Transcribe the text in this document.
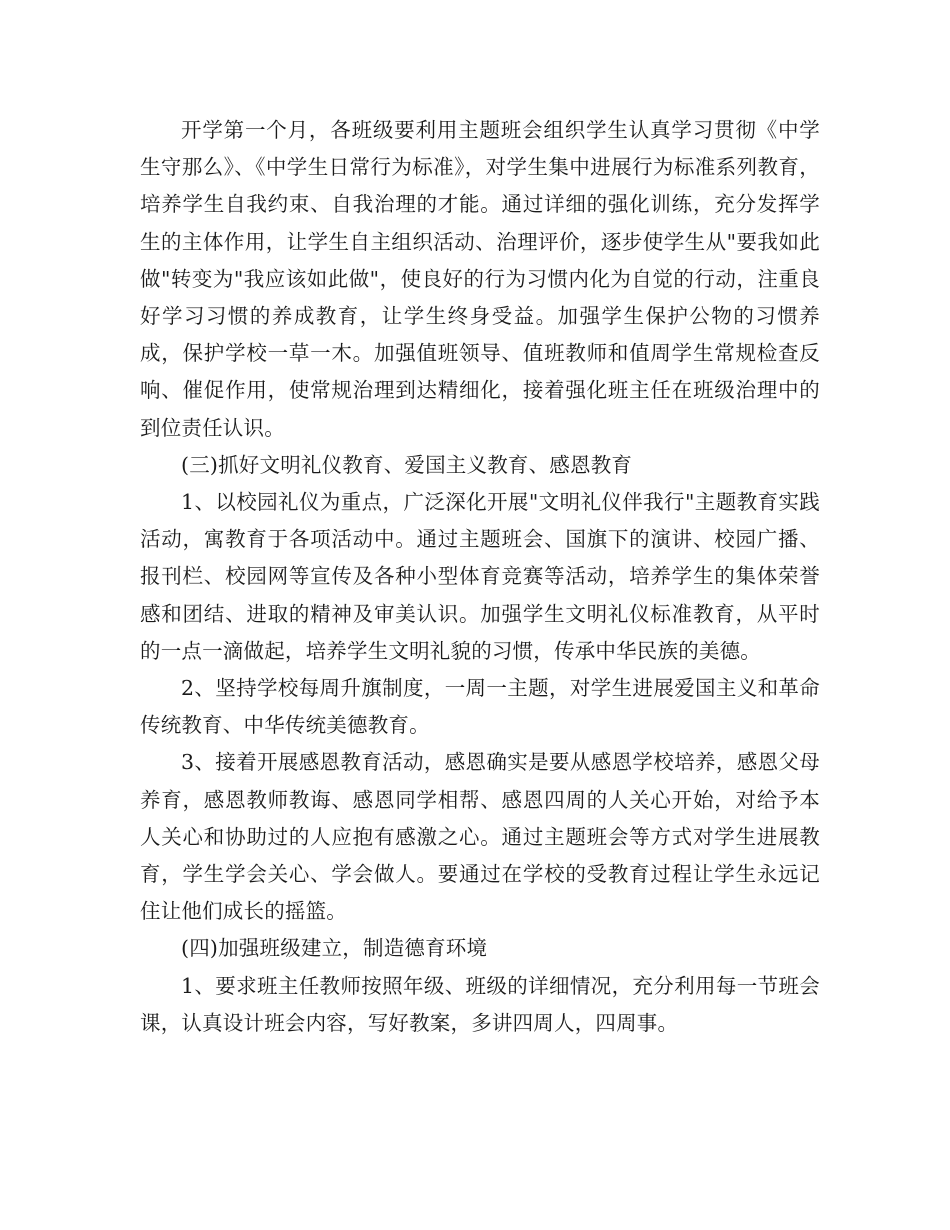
开学第一个月，各班级要利用主题班会组织学生认真学习贯彻《中学生守那么》、《中学生日常行为标准》，对学生集中进展行为标准系列教育，培养学生自我约束、自我治理的才能。通过详细的强化训练，充分发挥学生的主体作用，让学生自主组织活动、治理评价，逐步使学生从"要我如此做"转变为"我应该如此做"，使良好的行为习惯内化为自觉的行动，注重良好学习习惯的养成教育，让学生终身受益。加强学生保护公物的习惯养成，保护学校一草一木。加强值班领导、值班教师和值周学生常规检查反响、催促作用，使常规治理到达精细化，接着强化班主任在班级治理中的到位责任认识。

(三)抓好文明礼仪教育、爱国主义教育、感恩教育

1、以校园礼仪为重点，广泛深化开展"文明礼仪伴我行"主题教育实践活动，寓教育于各项活动中。通过主题班会、国旗下的演讲、校园广播、报刊栏、校园网等宣传及各种小型体育竞赛等活动，培养学生的集体荣誉感和团结、进取的精神及审美认识。加强学生文明礼仪标准教育，从平时的一点一滴做起，培养学生文明礼貌的习惯，传承中华民族的美德。

2、坚持学校每周升旗制度，一周一主题，对学生进展爱国主义和革命传统教育、中华传统美德教育。

3、接着开展感恩教育活动，感恩确实是要从感恩学校培养，感恩父母养育，感恩教师教诲、感恩同学相帮、感恩四周的人关心开始，对给予本人关心和协助过的人应抱有感激之心。通过主题班会等方式对学生进展教育，学生学会关心、学会做人。要通过在学校的受教育过程让学生永远记住让他们成长的摇篮。

(四)加强班级建立，制造德育环境

1、要求班主任教师按照年级、班级的详细情况，充分利用每一节班会课，认真设计班会内容，写好教案，多讲四周人，四周事。
